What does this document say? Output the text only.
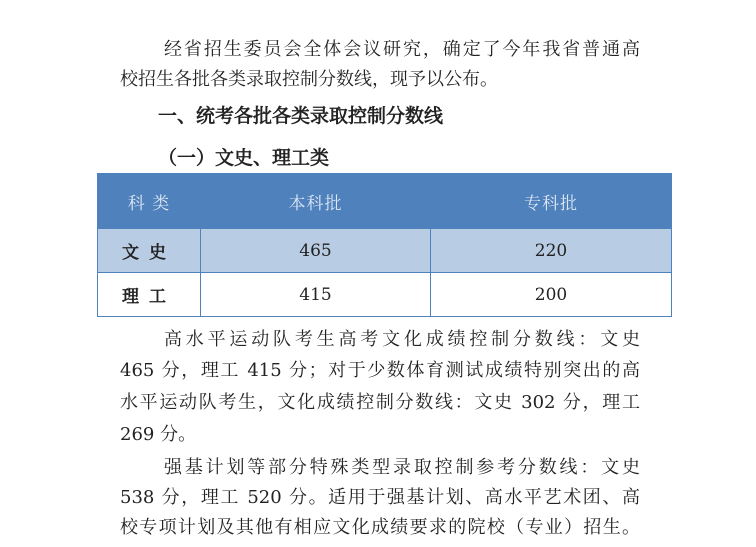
经省招生委员会全体会议研究，确定了今年我省普通高
校招生各批各类录取控制分数线，现予以公布。
一、统考各批各类录取控制分数线
（一）文史、理工类
科 类	本科批	专科批
文史	465	220
理工	415	200
高水平运动队考生高考文化成绩控制分数线：文史
465 分，理工 415 分；对于少数体育测试成绩特别突出的高
水平运动队考生，文化成绩控制分数线：文史 302 分，理工
269 分。
强基计划等部分特殊类型录取控制参考分数线：文史
538 分，理工 520 分。适用于强基计划、高水平艺术团、高
校专项计划及其他有相应文化成绩要求的院校（专业）招生。
